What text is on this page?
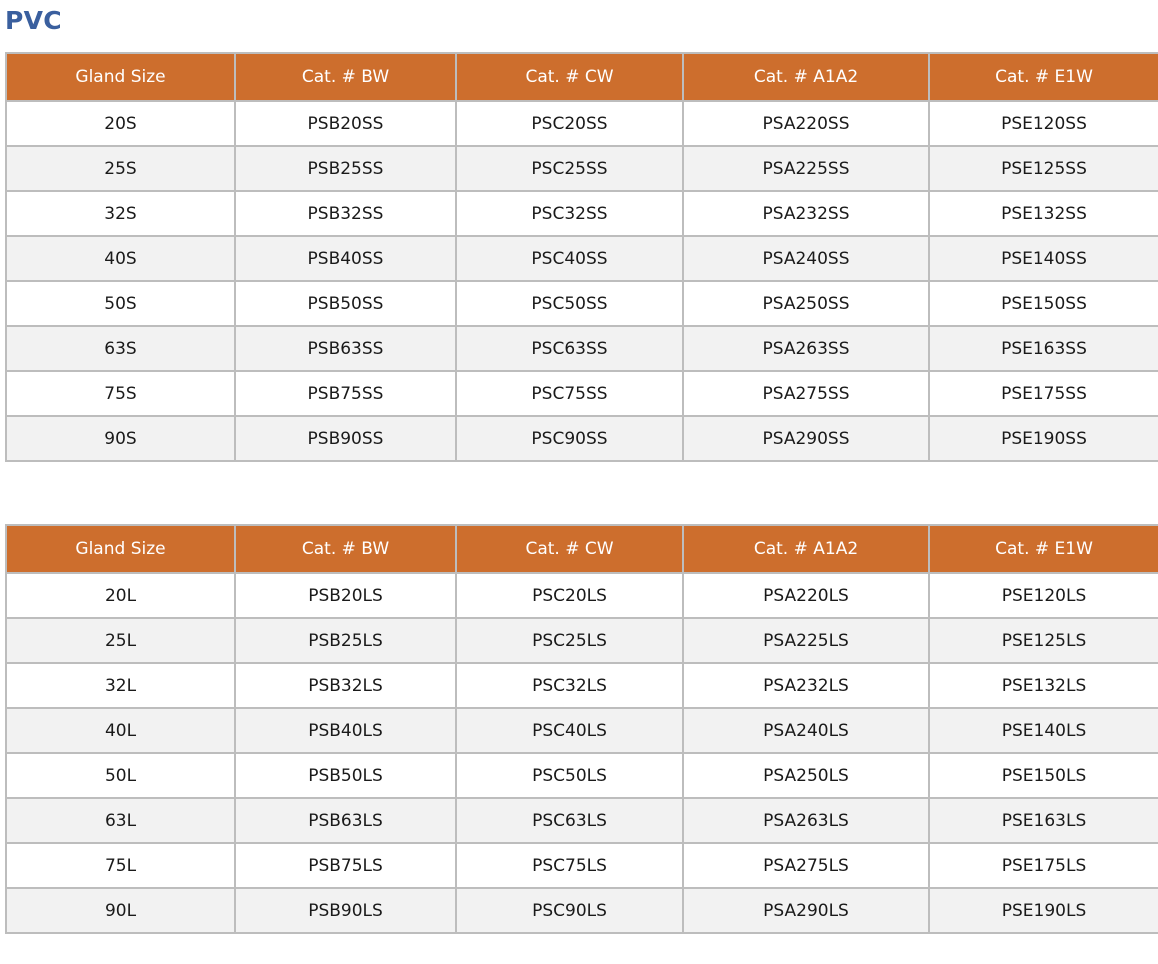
PVC
Gland Size	Cat. # BW	Cat. # CW	Cat. # A1A2	Cat. # E1W
20S	PSB20SS	PSC20SS	PSA220SS	PSE120SS
25S	PSB25SS	PSC25SS	PSA225SS	PSE125SS
32S	PSB32SS	PSC32SS	PSA232SS	PSE132SS
40S	PSB40SS	PSC40SS	PSA240SS	PSE140SS
50S	PSB50SS	PSC50SS	PSA250SS	PSE150SS
63S	PSB63SS	PSC63SS	PSA263SS	PSE163SS
75S	PSB75SS	PSC75SS	PSA275SS	PSE175SS
90S	PSB90SS	PSC90SS	PSA290SS	PSE190SS
Gland Size	Cat. # BW	Cat. # CW	Cat. # A1A2	Cat. # E1W
20L	PSB20LS	PSC20LS	PSA220LS	PSE120LS
25L	PSB25LS	PSC25LS	PSA225LS	PSE125LS
32L	PSB32LS	PSC32LS	PSA232LS	PSE132LS
40L	PSB40LS	PSC40LS	PSA240LS	PSE140LS
50L	PSB50LS	PSC50LS	PSA250LS	PSE150LS
63L	PSB63LS	PSC63LS	PSA263LS	PSE163LS
75L	PSB75LS	PSC75LS	PSA275LS	PSE175LS
90L	PSB90LS	PSC90LS	PSA290LS	PSE190LS
